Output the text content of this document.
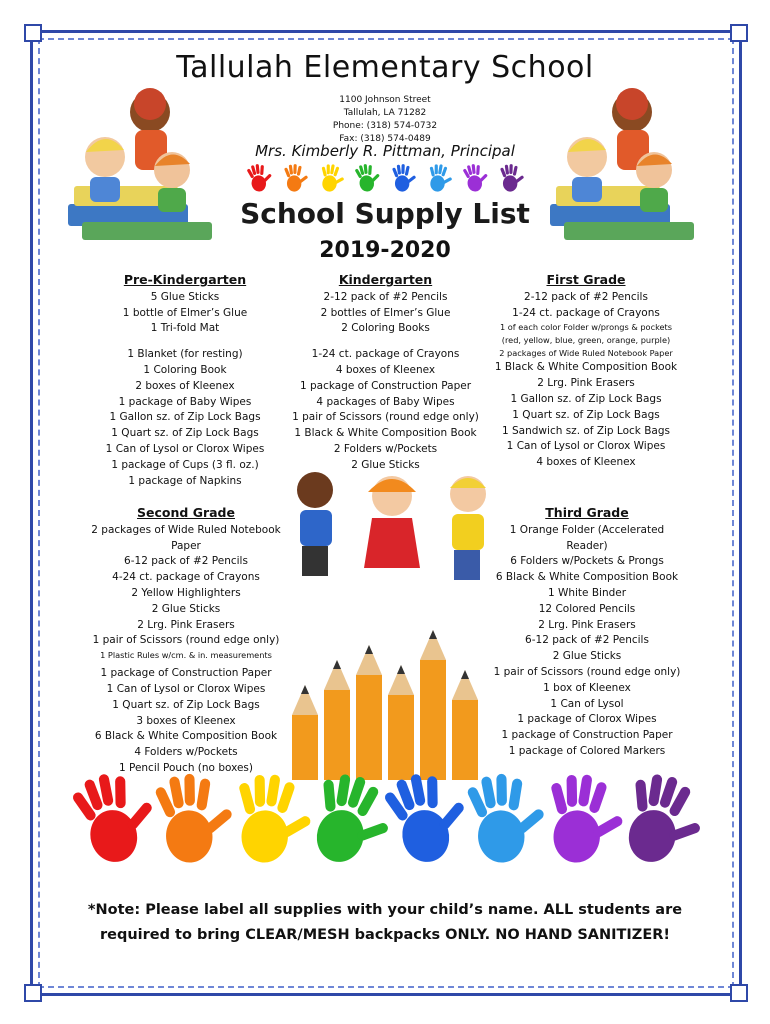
Tallulah Elementary School
1100 Johnson Street
Tallulah, LA 71282
Phone: (318) 574-0732
Fax: (318) 574-0489
Mrs. Kimberly R. Pittman, Principal
School Supply List
2019-2020
Pre-Kindergarten
5 Glue Sticks
1 bottle of Elmer’s Glue
1 Tri-fold Mat
1 Blanket (for resting)
1 Coloring Book
2 boxes of Kleenex
1 package of Baby Wipes
1 Gallon sz. of Zip Lock Bags
1 Quart sz. of Zip Lock Bags
1 Can of Lysol or Clorox Wipes
1 package of Cups (3 fl. oz.)
1 package of Napkins
Kindergarten
2-12 pack of #2 Pencils
2 bottles of Elmer’s Glue
2 Coloring Books
1-24 ct. package of Crayons
4 boxes of Kleenex
1 package of Construction Paper
4 packages of Baby Wipes
1 pair of Scissors (round edge only)
1 Black & White Composition Book
2 Folders w/Pockets
2 Glue Sticks
First Grade
2-12 pack of #2 Pencils
1-24 ct. package of Crayons
1 of each color Folder w/prongs & pockets
(red, yellow, blue, green, orange, purple)
2 packages of Wide Ruled Notebook Paper
1 Black & White Composition Book
2 Lrg. Pink Erasers
1 Gallon sz. of Zip Lock Bags
1 Quart sz. of Zip Lock Bags
1 Sandwich sz. of Zip Lock Bags
1 Can of Lysol or Clorox Wipes
4 boxes of Kleenex
Second Grade
2 packages of Wide Ruled Notebook
Paper
6-12 pack of #2 Pencils
4-24 ct. package of Crayons
2 Yellow Highlighters
2 Glue Sticks
2 Lrg. Pink Erasers
1 pair of Scissors (round edge only)
1 Plastic Rules w/cm. & in. measurements
1 package of Construction Paper
1 Can of Lysol or Clorox Wipes
1 Quart sz. of Zip Lock Bags
3 boxes of Kleenex
6 Black & White Composition Book
4 Folders w/Pockets
1 Pencil Pouch (no boxes)
Third Grade
1 Orange Folder (Accelerated
Reader)
6 Folders w/Pockets & Prongs
6 Black & White Composition Book
1 White Binder
12 Colored Pencils
2 Lrg. Pink Erasers
6-12 pack of #2 Pencils
2 Glue Sticks
1 pair of Scissors (round edge only)
1 box of Kleenex
1 Can of Lysol
1 package of Clorox Wipes
1 package of Construction Paper
1 package of Colored Markers
*Note: Please label all supplies with your child’s name. ALL students are
required to bring CLEAR/MESH backpacks ONLY. NO HAND SANITIZER!
